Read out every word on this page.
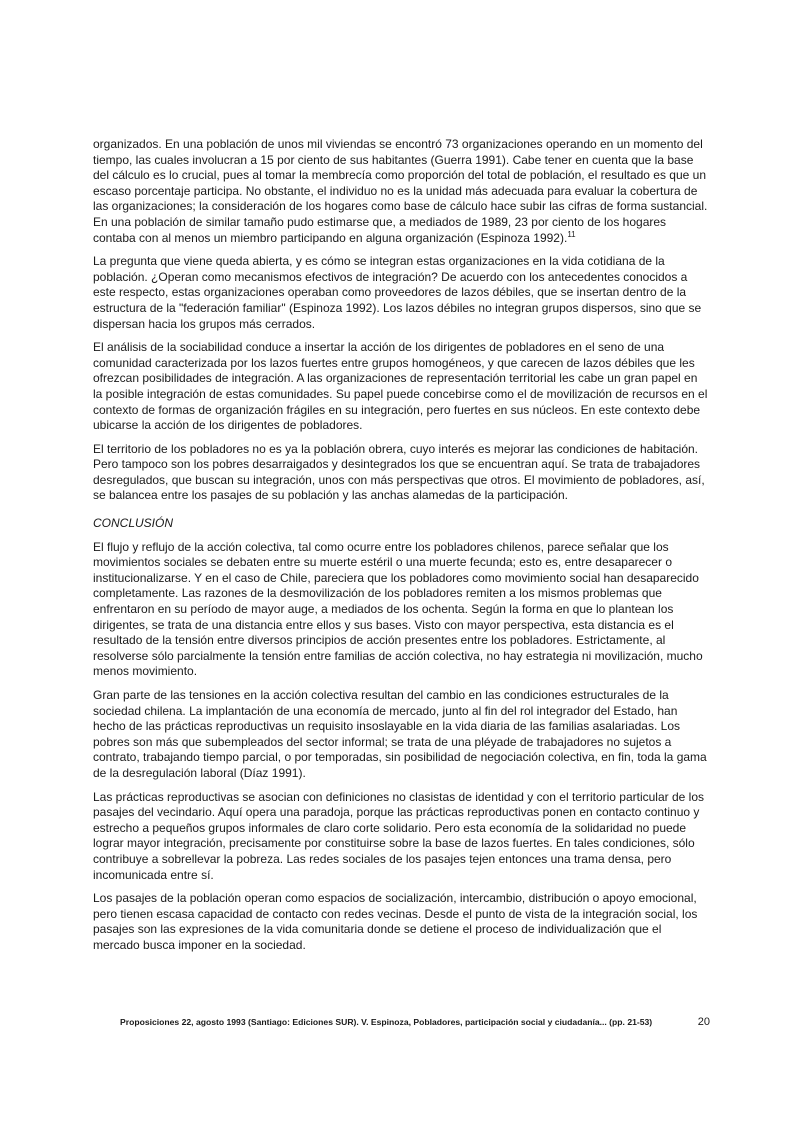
organizados. En una población de unos mil viviendas se encontró 73 organizaciones operando en un momento del tiempo, las cuales involucran a 15 por ciento de sus habitantes (Guerra 1991). Cabe tener en cuenta que la base del cálculo es lo crucial, pues al tomar la membrecía como proporción del total de población, el resultado es que un escaso porcentaje participa. No obstante, el individuo no es la unidad más adecuada para evaluar la cobertura de las organizaciones; la consideración de los hogares como base de cálculo hace subir las cifras de forma sustancial. En una población de similar tamaño pudo estimarse que, a mediados de 1989, 23 por ciento de los hogares contaba con al menos un miembro participando en alguna organización (Espinoza 1992).$^{11}$

La pregunta que viene queda abierta, y es cómo se integran estas organizaciones en la vida cotidiana de la población. ¿Operan como mecanismos efectivos de integración? De acuerdo con los antecedentes conocidos a este respecto, estas organizaciones operaban como proveedores de lazos débiles, que se insertan dentro de la estructura de la "federación familiar" (Espinoza 1992). Los lazos débiles no integran grupos dispersos, sino que se dispersan hacia los grupos más cerrados.

El análisis de la sociabilidad conduce a insertar la acción de los dirigentes de pobladores en el seno de una comunidad caracterizada por los lazos fuertes entre grupos homogéneos, y que carecen de lazos débiles que les ofrezcan posibilidades de integración. A las organizaciones de representación territorial les cabe un gran papel en la posible integración de estas comunidades. Su papel puede concebirse como el de movilización de recursos en el contexto de formas de organización frágiles en su integración, pero fuertes en sus núcleos. En este contexto debe ubicarse la acción de los dirigentes de pobladores.

El territorio de los pobladores no es ya la población obrera, cuyo interés es mejorar las condiciones de habitación. Pero tampoco son los pobres desarraigados y desintegrados los que se encuentran aquí. Se trata de trabajadores desregulados, que buscan su integración, unos con más perspectivas que otros. El movimiento de pobladores, así, se balancea entre los pasajes de su población y las anchas alamedas de la participación.

CONCLUSIÓN

El flujo y reflujo de la acción colectiva, tal como ocurre entre los pobladores chilenos, parece señalar que los movimientos sociales se debaten entre su muerte estéril o una muerte fecunda; esto es, entre desaparecer o institucionalizarse. Y en el caso de Chile, pareciera que los pobladores como movimiento social han desaparecido completamente. Las razones de la desmovilización de los pobladores remiten a los mismos problemas que enfrentaron en su período de mayor auge, a mediados de los ochenta. Según la forma en que lo plantean los dirigentes, se trata de una distancia entre ellos y sus bases. Visto con mayor perspectiva, esta distancia es el resultado de la tensión entre diversos principios de acción presentes entre los pobladores. Estrictamente, al resolverse sólo parcialmente la tensión entre familias de acción colectiva, no hay estrategia ni movilización, mucho menos movimiento.

Gran parte de las tensiones en la acción colectiva resultan del cambio en las condiciones estructurales de la sociedad chilena. La implantación de una economía de mercado, junto al fin del rol integrador del Estado, han hecho de las prácticas reproductivas un requisito insoslayable en la vida diaria de las familias asalariadas. Los pobres son más que subempleados del sector informal; se trata de una pléyade de trabajadores no sujetos a contrato, trabajando tiempo parcial, o por temporadas, sin posibilidad de negociación colectiva, en fin, toda la gama de la desregulación laboral (Díaz 1991).

Las prácticas reproductivas se asocian con definiciones no clasistas de identidad y con el territorio particular de los pasajes del vecindario. Aquí opera una paradoja, porque las prácticas reproductivas ponen en contacto continuo y estrecho a pequeños grupos informales de claro corte solidario. Pero esta economía de la solidaridad no puede lograr mayor integración, precisamente por constituirse sobre la base de lazos fuertes. En tales condiciones, sólo contribuye a sobrellevar la pobreza. Las redes sociales de los pasajes tejen entonces una trama densa, pero incomunicada entre sí.

Los pasajes de la población operan como espacios de socialización, intercambio, distribución o apoyo emocional, pero tienen escasa capacidad de contacto con redes vecinas. Desde el punto de vista de la integración social, los pasajes son las expresiones de la vida comunitaria donde se detiene el proceso de individualización que el mercado busca imponer en la sociedad.

Proposiciones 22, agosto 1993 (Santiago: Ediciones SUR). V. Espinoza, Pobladores, participación social y ciudadanía... (pp. 21-53)	20
